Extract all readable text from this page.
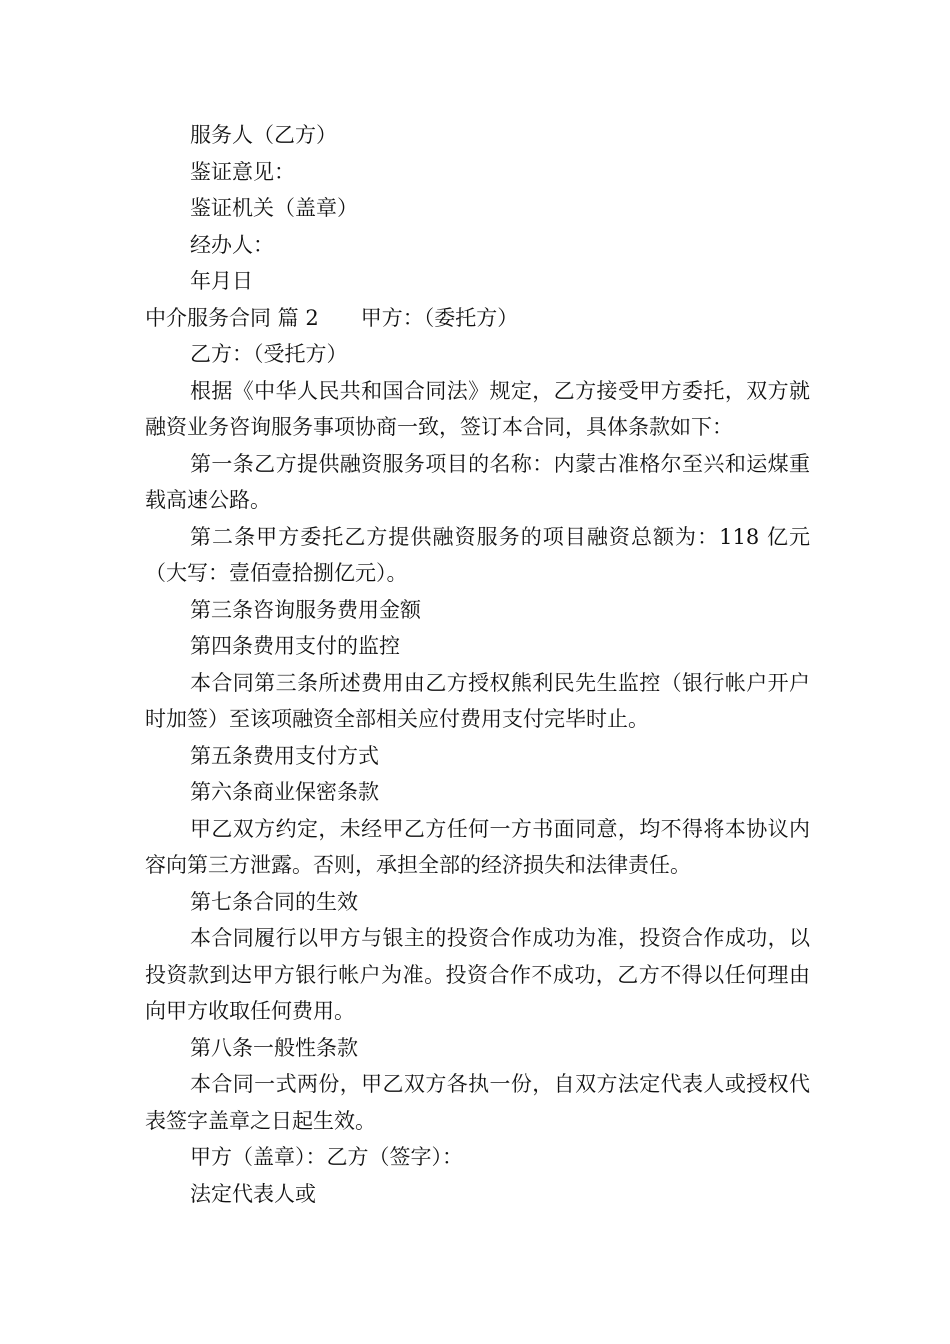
服务人（乙方）

鉴证意见：

鉴证机关（盖章）

经办人：

年月日

中介服务合同 篇 2 甲方：（委托方）

乙方：（受托方）

根据《中华人民共和国合同法》规定，乙方接受甲方委托，双方就融资业务咨询服务事项协商一致，签订本合同，具体条款如下：

第一条乙方提供融资服务项目的名称：内蒙古准格尔至兴和运煤重载高速公路。

第二条甲方委托乙方提供融资服务的项目融资总额为：118 亿元（大写：壹佰壹拾捌亿元）。

第三条咨询服务费用金额

第四条费用支付的监控

本合同第三条所述费用由乙方授权熊利民先生监控（银行帐户开户时加签）至该项融资全部相关应付费用支付完毕时止。

第五条费用支付方式

第六条商业保密条款

甲乙双方约定，未经甲乙方任何一方书面同意，均不得将本协议内容向第三方泄露。否则，承担全部的经济损失和法律责任。

第七条合同的生效

本合同履行以甲方与银主的投资合作成功为准，投资合作成功，以投资款到达甲方银行帐户为准。投资合作不成功，乙方不得以任何理由向甲方收取任何费用。

第八条一般性条款

本合同一式两份，甲乙双方各执一份，自双方法定代表人或授权代表签字盖章之日起生效。

甲方（盖章）：乙方（签字）：

法定代表人或
